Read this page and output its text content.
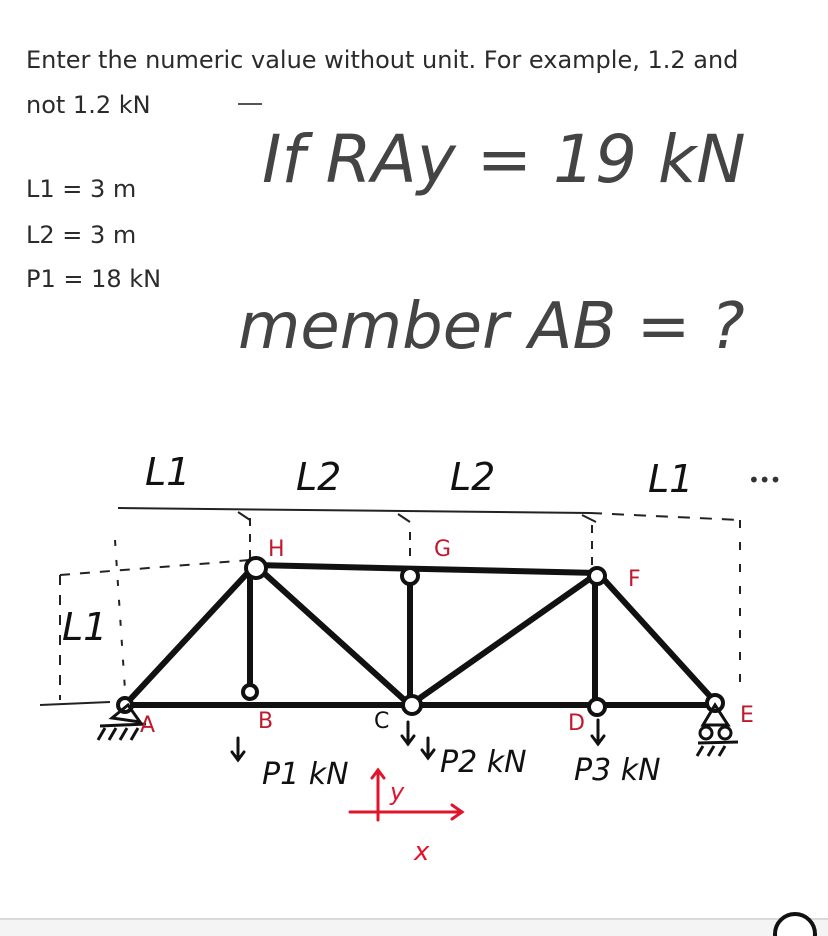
Enter the numeric value without unit. For example, 1.2 and not 1.2 kN

L1 = 3 m

L2 = 3 m

P1 = 18 kN

If RAy = 19 kN
member AB = ?
L1	L2	L2	L1
L1
A	B	C	D	E
F
G
H
P1 kN	P2 kN P3 kN
y
x
•••
